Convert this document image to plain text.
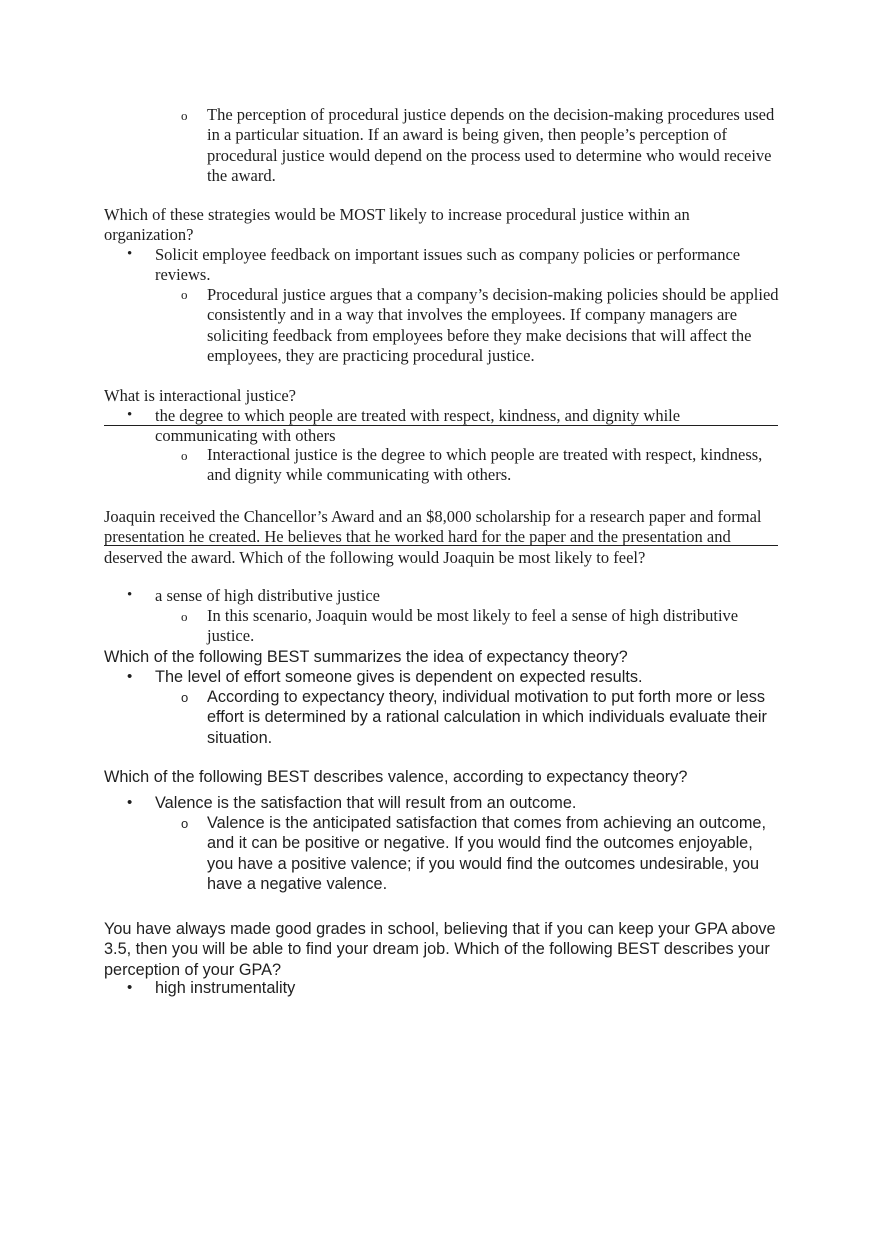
o The perception of procedural justice depends on the decision-making procedures used in a particular situation. If an award is being given, then people’s perception of procedural justice would depend on the process used to determine who would receive the award.

Which of these strategies would be MOST likely to increase procedural justice within an organization?

• Solicit employee feedback on important issues such as company policies or performance reviews.

o Procedural justice argues that a company’s decision-making policies should be applied consistently and in a way that involves the employees. If company managers are soliciting feedback from employees before they make decisions that will affect the employees, they are practicing procedural justice.

What is interactional justice?

• the degree to which people are treated with respect, kindness, and dignity while communicating with others

o Interactional justice is the degree to which people are treated with respect, kindness, and dignity while communicating with others.

Joaquin received the Chancellor’s Award and an $8,000 scholarship for a research paper and formal presentation he created. He believes that he worked hard for the paper and the presentation and deserved the award. Which of the following would Joaquin be most likely to feel?

• a sense of high distributive justice

o In this scenario, Joaquin would be most likely to feel a sense of high distributive justice.

Which of the following BEST summarizes the idea of expectancy theory?

• The level of effort someone gives is dependent on expected results.

o According to expectancy theory, individual motivation to put forth more or less effort is determined by a rational calculation in which individuals evaluate their situation.

Which of the following BEST describes valence, according to expectancy theory?

• Valence is the satisfaction that will result from an outcome.

o Valence is the anticipated satisfaction that comes from achieving an outcome, and it can be positive or negative. If you would find the outcomes enjoyable, you have a positive valence; if you would find the outcomes undesirable, you have a negative valence.

You have always made good grades in school, believing that if you can keep your GPA above 3.5, then you will be able to find your dream job. Which of the following BEST describes your perception of your GPA?

• high instrumentality
